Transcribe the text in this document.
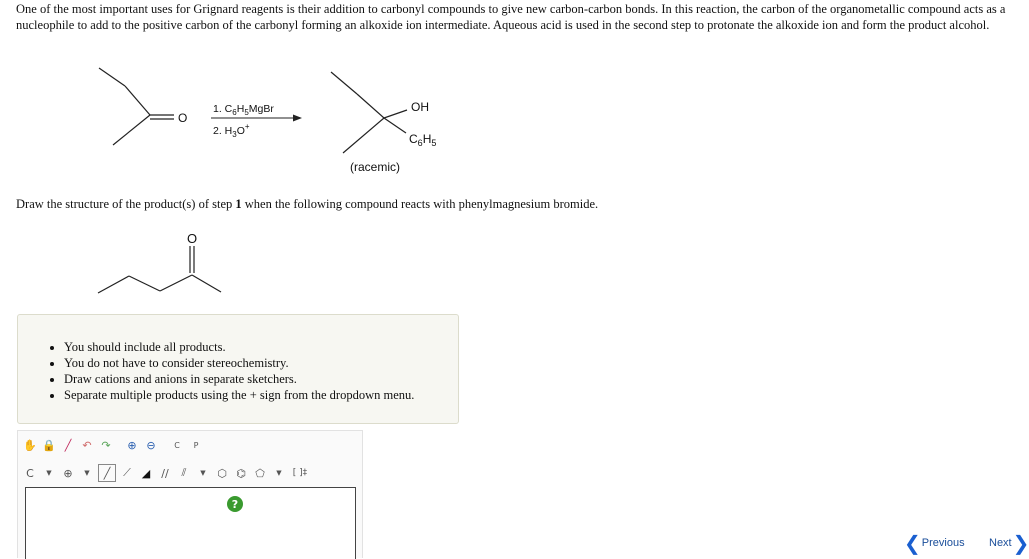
One of the most important uses for Grignard reagents is their addition to carbonyl compounds to give new carbon-carbon bonds. In this reaction, the carbon of the organometallic compound acts as a nucleophile to add to the positive carbon of the carbonyl forming an alkoxide ion intermediate. Aqueous acid is used in the second step to protonate the alkoxide ion and form the product alcohol.

O
1. $C_6H_5MgBr$
2. $H_3O^+$
OH
$C_6H_5$
(racemic)
O

Draw the structure of the product(s) of step 1 when the following compound reacts with phenylmagnesium bromide.

• You should include all products.
• You do not have to consider stereochemistry.
• Draw cations and anions in separate sketchers.
• Separate multiple products using the + sign from the dropdown menu.
✋ 🔒 ╱	↶ ↷	⊕ ⊖	C	P
C	▼	⊕	▼	╱	⟋ ◢	∕∕	⫽	▼	⬡ ⌬ ⬠	▼	[ ]‡
?
❮ Previous Next ❯
